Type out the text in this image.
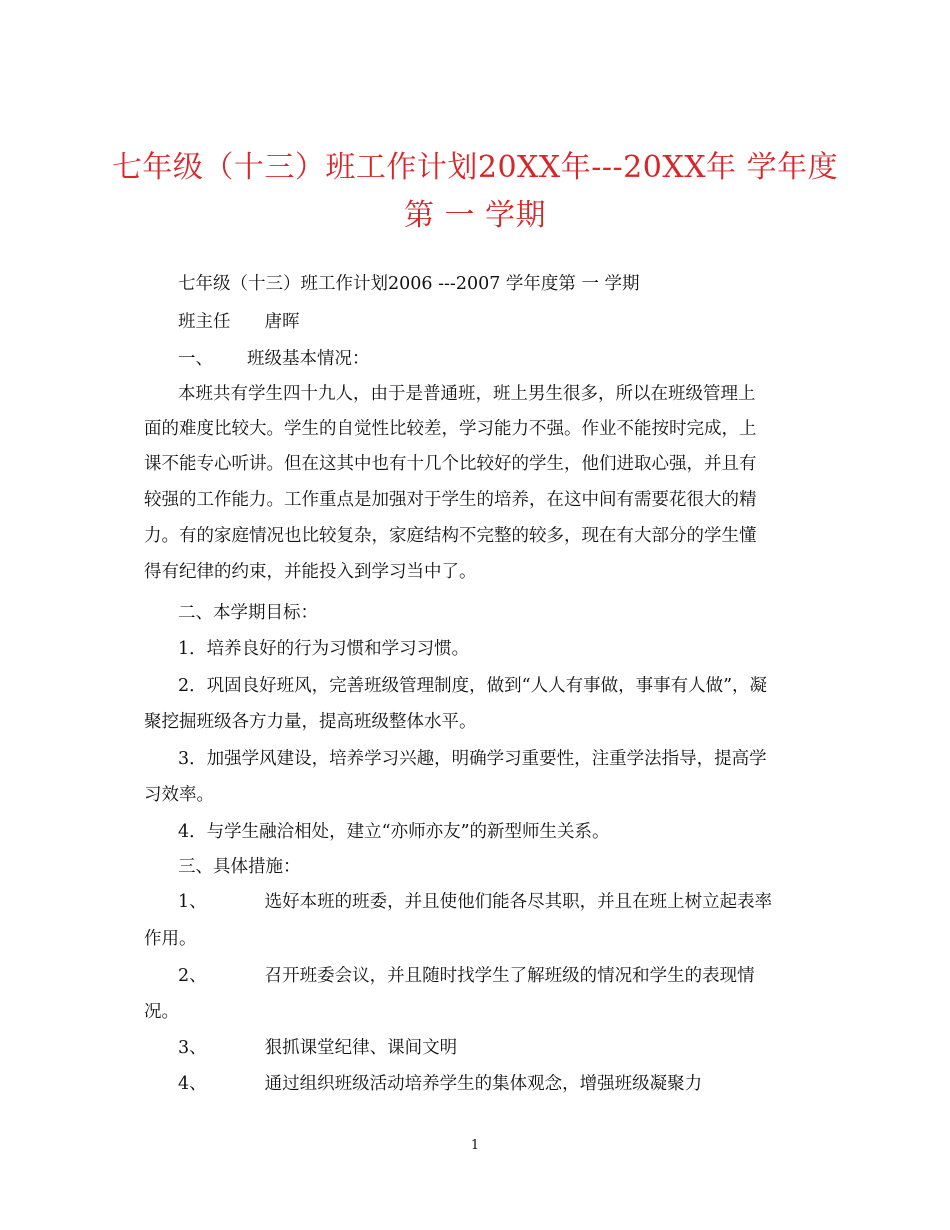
七年级（十三）班工作计划20XX年---20XX年 学年度
第 一 学期
七年级（十三）班工作计划2006 ---2007 学年度第 一 学期
班主任 唐晖
一、 班级基本情况：
本班共有学生四十九人，由于是普通班，班上男生很多，所以在班级管理上
面的难度比较大。学生的自觉性比较差，学习能力不强。作业不能按时完成，上
课不能专心听讲。但在这其中也有十几个比较好的学生，他们进取心强，并且有
较强的工作能力。工作重点是加强对于学生的培养，在这中间有需要花很大的精
力。有的家庭情况也比较复杂，家庭结构不完整的较多，现在有大部分的学生懂
得有纪律的约束，并能投入到学习当中了。
二、本学期目标：
1．培养良好的行为习惯和学习习惯。
2．巩固良好班风，完善班级管理制度，做到“人人有事做，事事有人做”，凝
聚挖掘班级各方力量，提高班级整体水平。
3．加强学风建设，培养学习兴趣，明确学习重要性，注重学法指导，提高学
习效率。
4．与学生融洽相处，建立“亦师亦友”的新型师生关系。
三、具体措施：
1、	选好本班的班委，并且使他们能各尽其职，并且在班上树立起表率
作用。
2、	召开班委会议，并且随时找学生了解班级的情况和学生的表现情
况。
3、	狠抓课堂纪律、课间文明
4、	通过组织班级活动培养学生的集体观念，增强班级凝聚力
1
